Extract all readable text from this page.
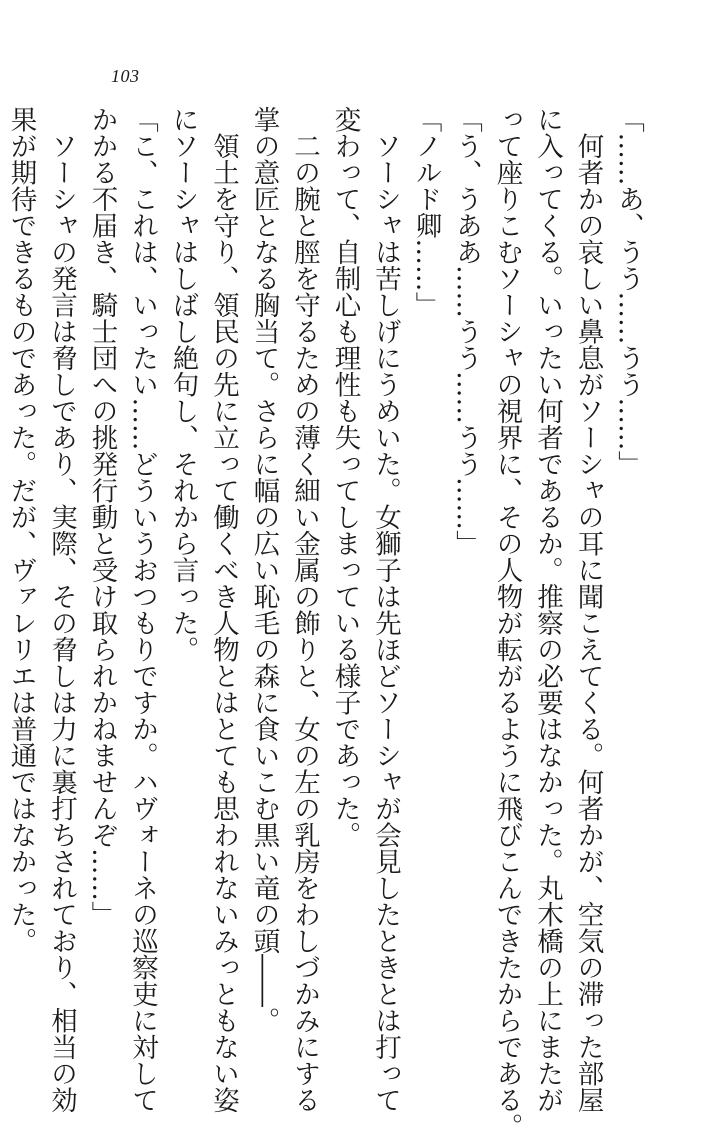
103

「……あ、うう……うう……」

　何者かの哀しい鼻息がソーシャの耳に聞こえてくる。何者かが、空気の滞った部屋

に入ってくる。いったい何者であるか。推察の必要はなかった。丸木橋の上にまたが

って座りこむソーシャの視界に、その人物が転がるように飛びこんできたからである。

「う、うああ……うう……うう……」

「ノルド卿……」

　ソーシャは苦しげにうめいた。女獅子は先ほどソーシャが会見したときとは打って

変わって、自制心も理性も失ってしまっている様子であった。

　二の腕と脛を守るための薄く細い金属の飾りと、女の左の乳房をわしづかみにする

掌の意匠となる胸当て。さらに幅の広い恥毛の森に食いこむ黒い竜の頭――。

　領土を守り、領民の先に立って働くべき人物とはとても思われないみっともない姿

にソーシャはしばし絶句し、それから言った。

「こ、これは、いったい……どういうおつもりですか。ハヴォーネの巡察吏に対して

かかる不届き、騎士団への挑発行動と受け取られかねませんぞ……」

　ソーシャの発言は脅しであり、実際、その脅しは力に裏打ちされており、相当の効

果が期待できるものであった。だが、ヴァレリエは普通ではなかった。
